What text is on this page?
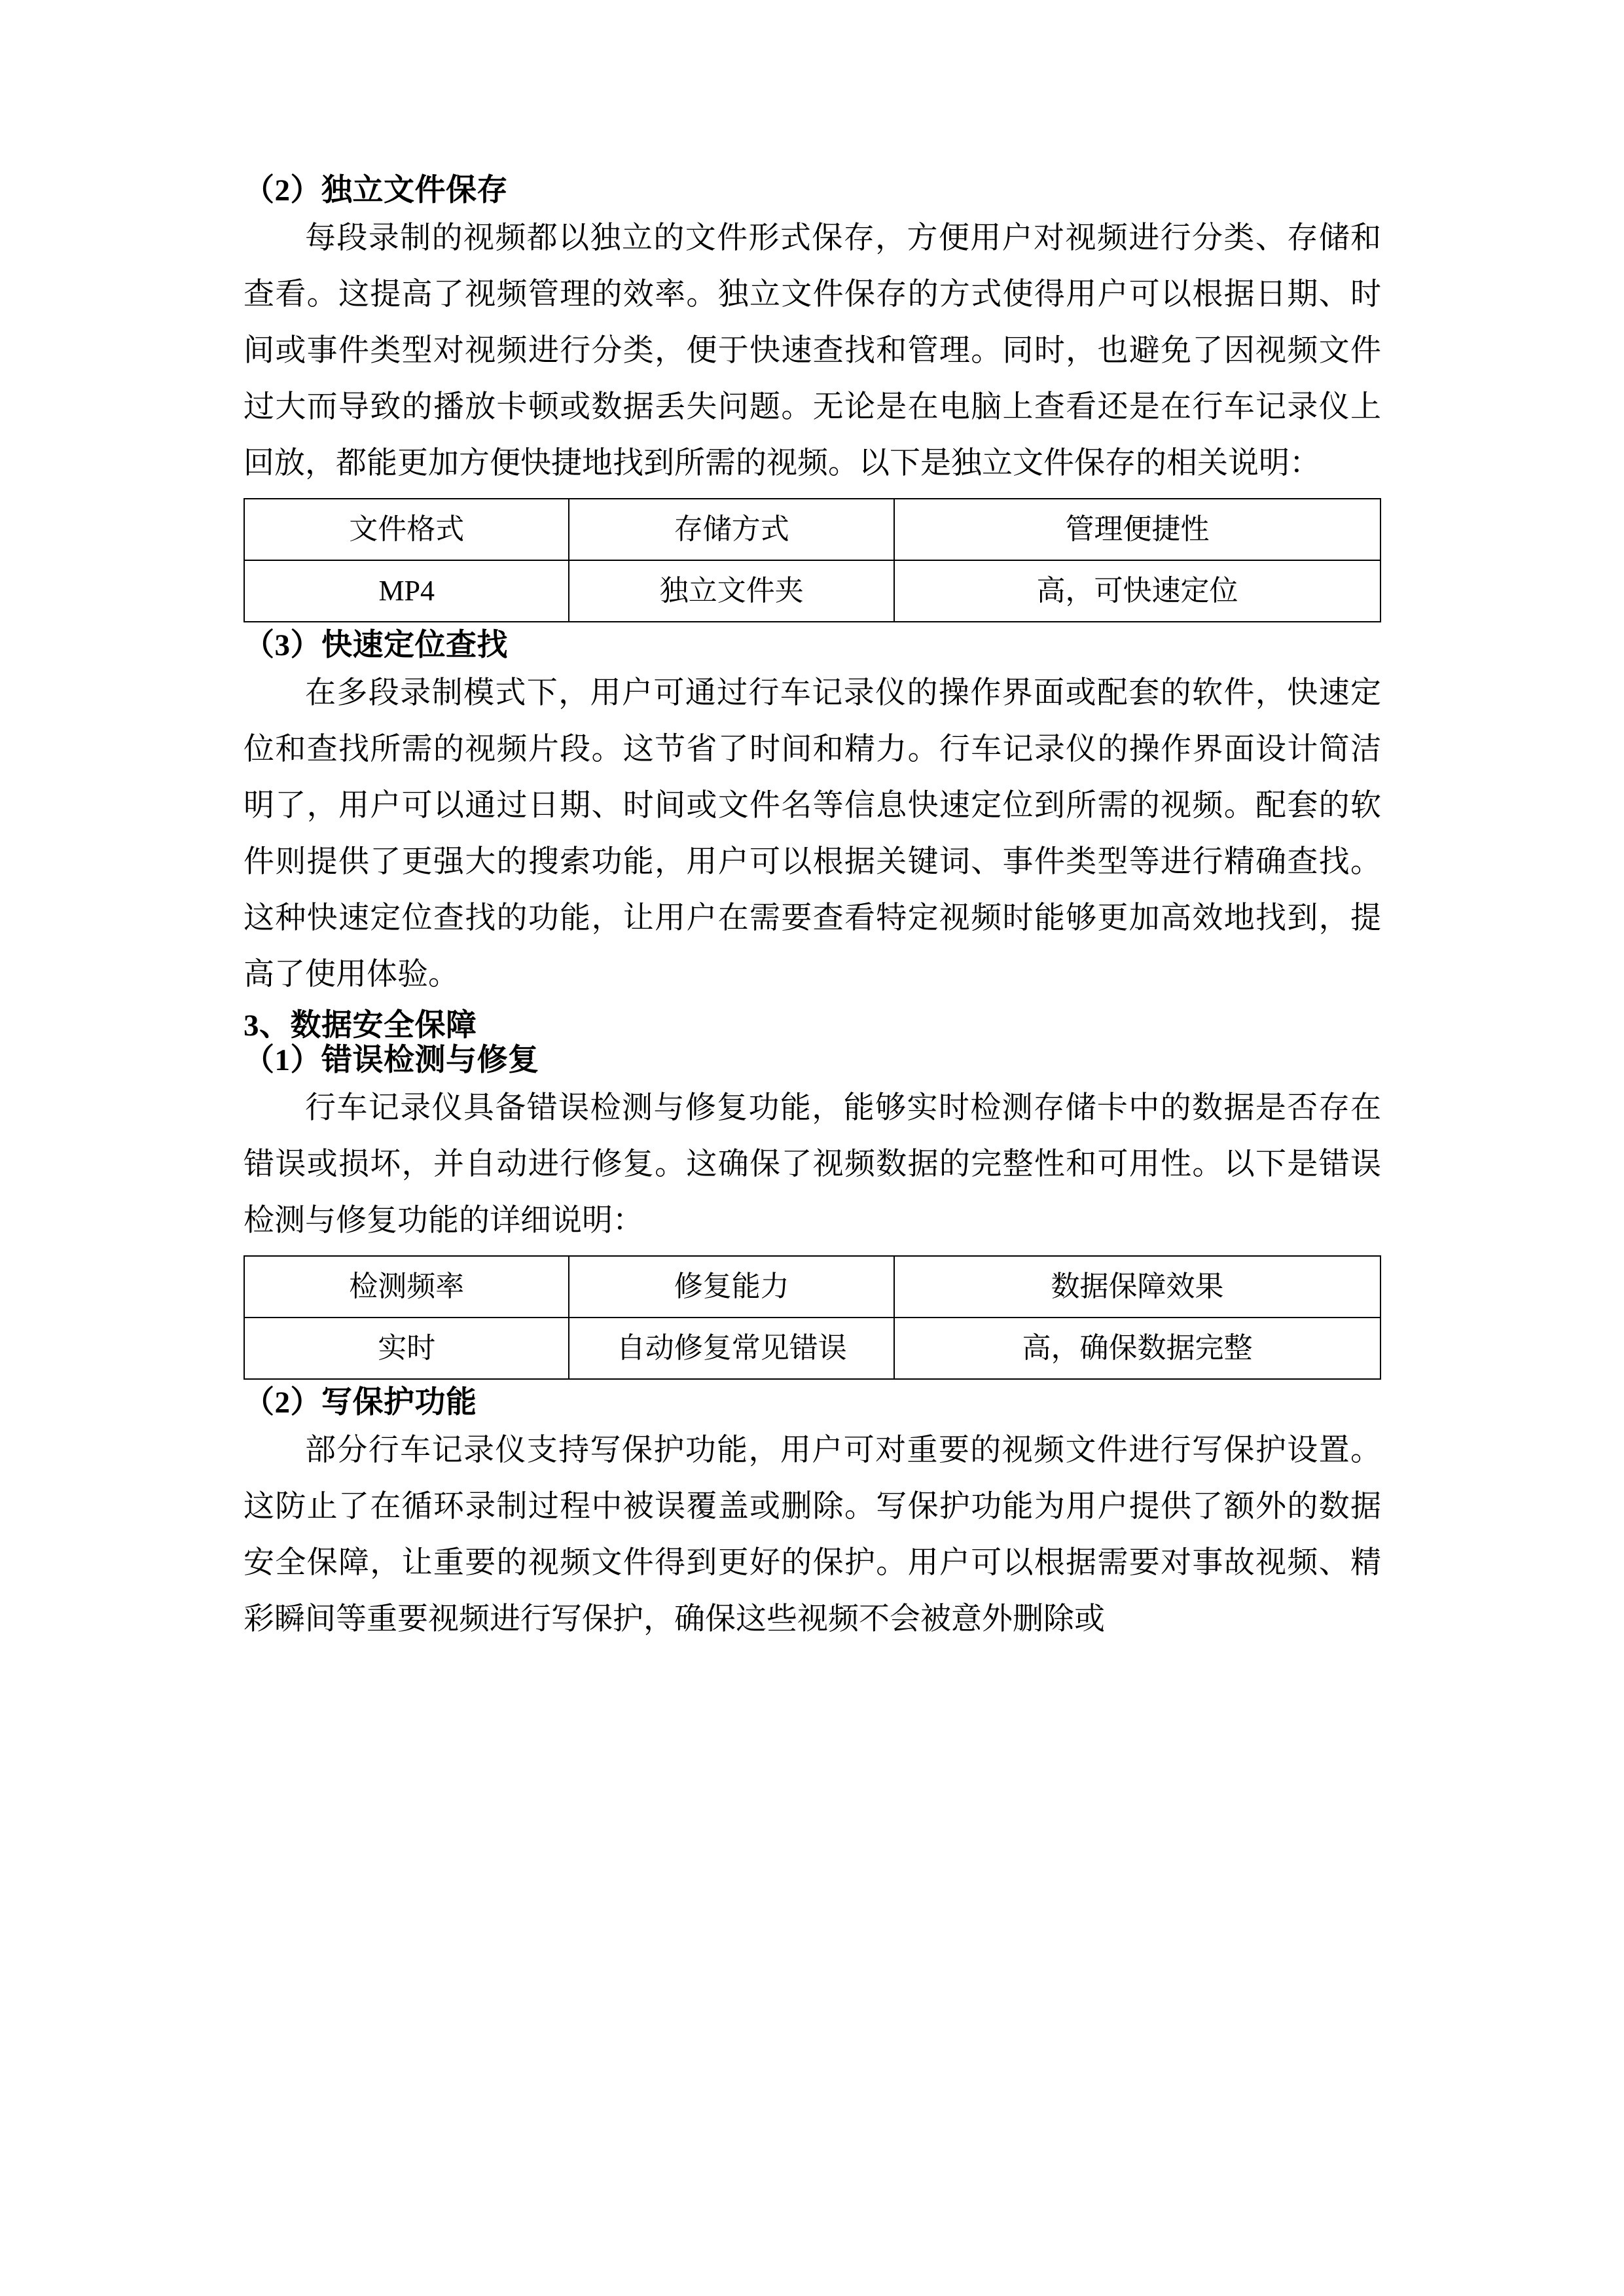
（2）独立文件保存

每段录制的视频都以独立的文件形式保存，方便用户对视频进行分类、存储和查看。这提高了视频管理的效率。独立文件保存的方式使得用户可以根据日期、时间或事件类型对视频进行分类，便于快速查找和管理。同时，也避免了因视频文件过大而导致的播放卡顿或数据丢失问题。无论是在电脑上查看还是在行车记录仪上回放，都能更加方便快捷地找到所需的视频。以下是独立文件保存的相关说明：

文件格式	存储方式	管理便捷性
MP4	独立文件夹	高，可快速定位
（3）快速定位查找

在多段录制模式下，用户可通过行车记录仪的操作界面或配套的软件，快速定位和查找所需的视频片段。这节省了时间和精力。行车记录仪的操作界面设计简洁明了，用户可以通过日期、时间或文件名等信息快速定位到所需的视频。配套的软件则提供了更强大的搜索功能，用户可以根据关键词、事件类型等进行精确查找。这种快速定位查找的功能，让用户在需要查看特定视频时能够更加高效地找到，提高了使用体验。

3、数据安全保障
（1）错误检测与修复

行车记录仪具备错误检测与修复功能，能够实时检测存储卡中的数据是否存在错误或损坏，并自动进行修复。这确保了视频数据的完整性和可用性。以下是错误检测与修复功能的详细说明：

检测频率	修复能力	数据保障效果
实时	自动修复常见错误	高，确保数据完整
（2）写保护功能

部分行车记录仪支持写保护功能，用户可对重要的视频文件进行写保护设置。这防止了在循环录制过程中被误覆盖或删除。写保护功能为用户提供了额外的数据安全保障，让重要的视频文件得到更好的保护。用户可以根据需要对事故视频、精彩瞬间等重要视频进行写保护，确保这些视频不会被意外删除或
